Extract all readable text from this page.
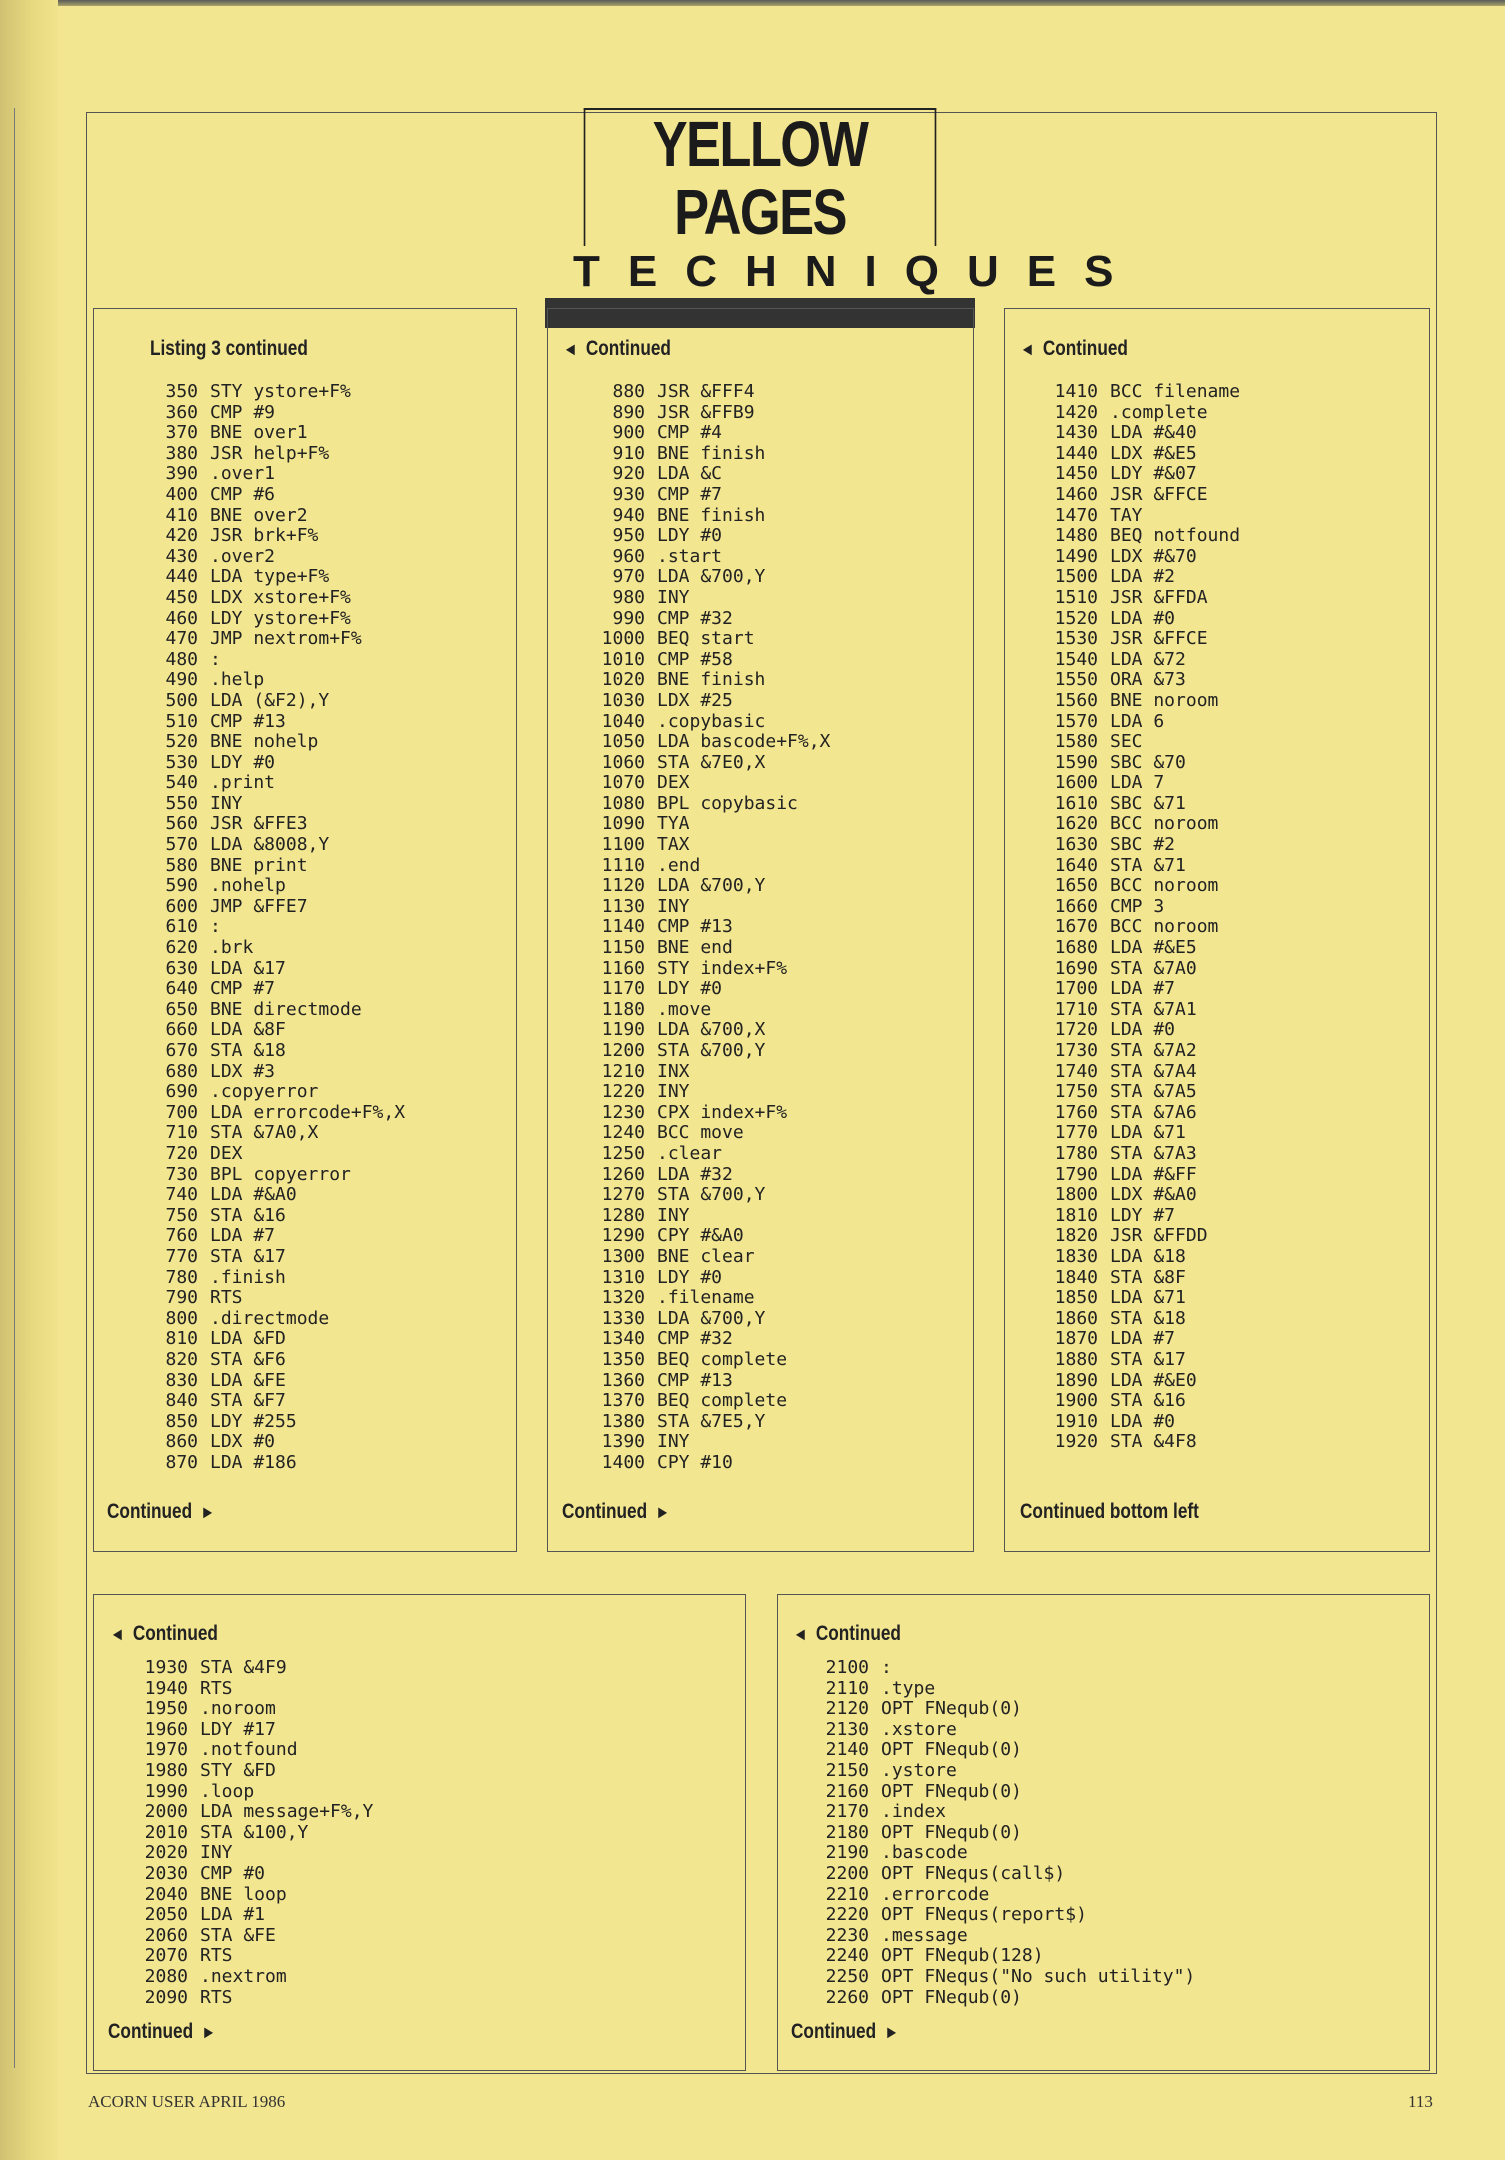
YELLOW PAGES
TECHNIQUES
Listing 3 continued
350 STY ystore+F%
360 CMP #9
370 BNE over1
380 JSR help+F%
390 .over1
400 CMP #6
410 BNE over2
420 JSR brk+F%
430 .over2
440 LDA type+F%
450 LDX xstore+F%
460 LDY ystore+F%
470 JMP nextrom+F%
480 :
490 .help
500 LDA (&F2),Y
510 CMP #13
520 BNE nohelp
530 LDY #0
540 .print
550 INY
560 JSR &FFE3
570 LDA &8008,Y
580 BNE print
590 .nohelp
600 JMP &FFE7
610 :
620 .brk
630 LDA &17
640 CMP #7
650 BNE directmode
660 LDA &8F
670 STA &18
680 LDX #3
690 .copyerror
700 LDA errorcode+F%,X
710 STA &7A0,X
720 DEX
730 BPL copyerror
740 LDA #&A0
750 STA &16
760 LDA #7
770 STA &17
780 .finish
790 RTS
800 .directmode
810 LDA &FD
820 STA &F6
830 LDA &FE
840 STA &F7
850 LDY #255
860 LDX #0
870 LDA #186
Continued ►
◄ Continued
880 JSR &FFF4
890 JSR &FFB9
900 CMP #4
910 BNE finish
920 LDA &C
930 CMP #7
940 BNE finish
950 LDY #0
960 .start
970 LDA &700,Y
980 INY
990 CMP #32
1000 BEQ start
1010 CMP #58
1020 BNE finish
1030 LDX #25
1040 .copybasic
1050 LDA bascode+F%,X
1060 STA &7E0,X
1070 DEX
1080 BPL copybasic
1090 TYA
1100 TAX
1110 .end
1120 LDA &700,Y
1130 INY
1140 CMP #13
1150 BNE end
1160 STY index+F%
1170 LDY #0
1180 .move
1190 LDA &700,X
1200 STA &700,Y
1210 INX
1220 INY
1230 CPX index+F%
1240 BCC move
1250 .clear
1260 LDA #32
1270 STA &700,Y
1280 INY
1290 CPY #&A0
1300 BNE clear
1310 LDY #0
1320 .filename
1330 LDA &700,Y
1340 CMP #32
1350 BEQ complete
1360 CMP #13
1370 BEQ complete
1380 STA &7E5,Y
1390 INY
1400 CPY #10
Continued ►
◄ Continued
1410 BCC filename
1420 .complete
1430 LDA #&40
1440 LDX #&E5
1450 LDY #&07
1460 JSR &FFCE
1470 TAY
1480 BEQ notfound
1490 LDX #&70
1500 LDA #2
1510 JSR &FFDA
1520 LDA #0
1530 JSR &FFCE
1540 LDA &72
1550 ORA &73
1560 BNE noroom
1570 LDA 6
1580 SEC
1590 SBC &70
1600 LDA 7
1610 SBC &71
1620 BCC noroom
1630 SBC #2
1640 STA &71
1650 BCC noroom
1660 CMP 3
1670 BCC noroom
1680 LDA #&E5
1690 STA &7A0
1700 LDA #7
1710 STA &7A1
1720 LDA #0
1730 STA &7A2
1740 STA &7A4
1750 STA &7A5
1760 STA &7A6
1770 LDA &71
1780 STA &7A3
1790 LDA #&FF
1800 LDX #&A0
1810 LDY #7
1820 JSR &FFDD
1830 LDA &18
1840 STA &8F
1850 LDA &71
1860 STA &18
1870 LDA #7
1880 STA &17
1890 LDA #&E0
1900 STA &16
1910 LDA #0
1920 STA &4F8
Continued bottom left
◄ Continued
1930 STA &4F9
1940 RTS
1950 .noroom
1960 LDY #17
1970 .notfound
1980 STY &FD
1990 .loop
2000 LDA message+F%,Y
2010 STA &100,Y
2020 INY
2030 CMP #0
2040 BNE loop
2050 LDA #1
2060 STA &FE
2070 RTS
2080 .nextrom
2090 RTS
Continued ►
◄ Continued
2100 :
2110 .type
2120 OPT FNequb(0)
2130 .xstore
2140 OPT FNequb(0)
2150 .ystore
2160 OPT FNequb(0)
2170 .index
2180 OPT FNequb(0)
2190 .bascode
2200 OPT FNequs(call$)
2210 .errorcode
2220 OPT FNequs(report$)
2230 .message
2240 OPT FNequb(128)
2250 OPT FNequs("No such utility")
2260 OPT FNequb(0)
Continued ►
ACORN USER APRIL 1986	113
